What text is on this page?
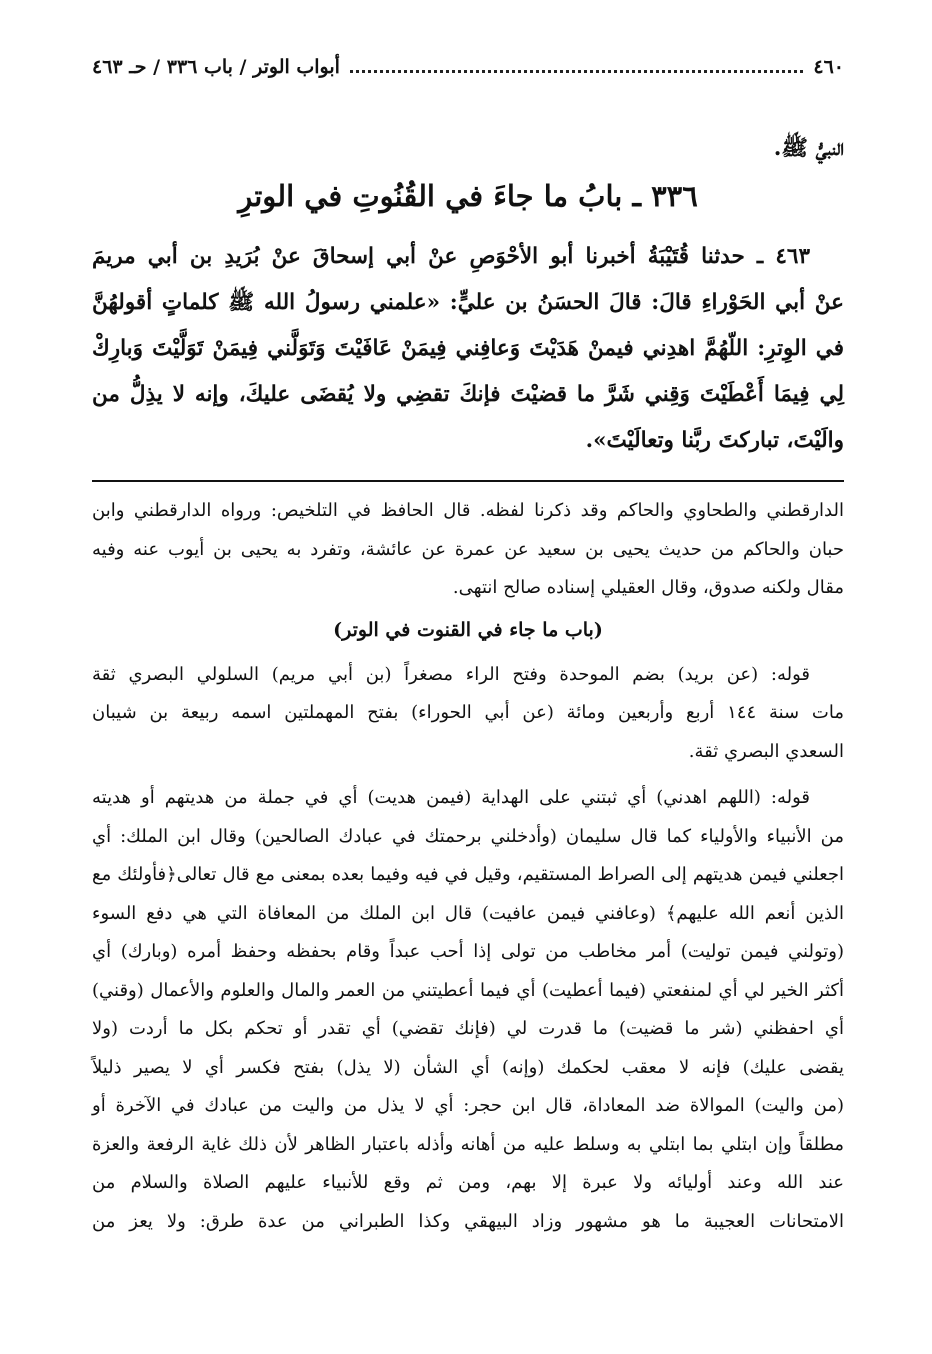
٤٦٠
أبواب الوتر / باب ٣٣٦ / حـ ٤٦٣
النبيُّ ﷺ.
٣٣٦ ـ بابُ ما جاءَ في القُنُوتِ في الوترِ

٤٦٣ ـ حدثنا قُتَيْبَةُ أخبرنا أبو الأحْوَصِ عنْ أبي إسحاقَ عنْ بُرَيدِ بن أبي مريمَ

عنْ أبي الحَوْراءِ قالَ: قالَ الحسَنُ بن عليٍّ: «علمني رسولُ الله ﷺ كلماتٍ أقولهُنَّ

في الوِترِ: اللّهُمَّ اهدِني فيمنْ هَدَيْتَ وَعافِني فِيمَنْ عَافَيْتَ وَتَوَلَّني فِيمَنْ تَوَلَّيْتَ وَبارِكْ

لِي فِيمَا أَعْطَيْتَ وَقِني شَرَّ ما قضيْتَ فإنكَ تقضِي ولا يُقضَى عليكَ، وإنه لا يذِلُّ من

والَيْتَ، تباركتَ ربَّنا وتعالَيْتَ».

الدارقطني والطحاوي والحاكم وقد ذكرنا لفظه. قال الحافظ في التلخيص: ورواه الدارقطني وابن

حبان والحاكم من حديث يحيى بن سعيد عن عمرة عن عائشة، وتفرد به يحيى بن أيوب عنه وفيه

مقال ولكنه صدوق، وقال العقيلي إسناده صالح انتهى.

(باب ما جاء في القنوت في الوتر)

قوله: (عن بريد) بضم الموحدة وفتح الراء مصغراً (بن أبي مريم) السلولي البصري ثقة

مات سنة ١٤٤ أربع وأربعين ومائة (عن أبي الحوراء) بفتح المهملتين اسمه ربيعة بن شيبان

السعدي البصري ثقة.

قوله: (اللهم اهدني) أي ثبتني على الهداية (فيمن هديت) أي في جملة من هديتهم أو هديته

من الأنبياء والأولياء كما قال سليمان (وأدخلني برحمتك في عبادك الصالحين) وقال ابن الملك: أي

اجعلني فيمن هديتهم إلى الصراط المستقيم، وقيل في فيه وفيما بعده بمعنى مع قال تعالى﴿فأولئك مع

الذين أنعم الله عليهم﴾ (وعافني فيمن عافيت) قال ابن الملك من المعافاة التي هي دفع السوء

(وتولني فيمن توليت) أمر مخاطب من تولى إذا أحب عبداً وقام بحفظه وحفظ أمره (وبارك) أي

أكثر الخير لي أي لمنفعتي (فيما أعطيت) أي فيما أعطيتني من العمر والمال والعلوم والأعمال (وقني)

أي احفظني (شر ما قضيت) ما قدرت لي (فإنك تقضي) أي تقدر أو تحكم بكل ما أردت (ولا

يقضى عليك) فإنه لا معقب لحكمك (وإنه) أي الشأن (لا يذل) بفتح فكسر أي لا يصير ذليلاً

(من واليت) الموالاة ضد المعاداة، قال ابن حجر: أي لا يذل من واليت من عبادك في الآخرة أو

مطلقاً وإن ابتلي بما ابتلي به وسلط عليه من أهانه وأذله باعتبار الظاهر لأن ذلك غاية الرفعة والعزة

عند الله وعند أوليائه ولا عبرة إلا بهم، ومن ثم وقع للأنبياء عليهم الصلاة والسلام من

الامتحانات العجيبة ما هو مشهور وزاد البيهقي وكذا الطبراني من عدة طرق: ولا يعز من
